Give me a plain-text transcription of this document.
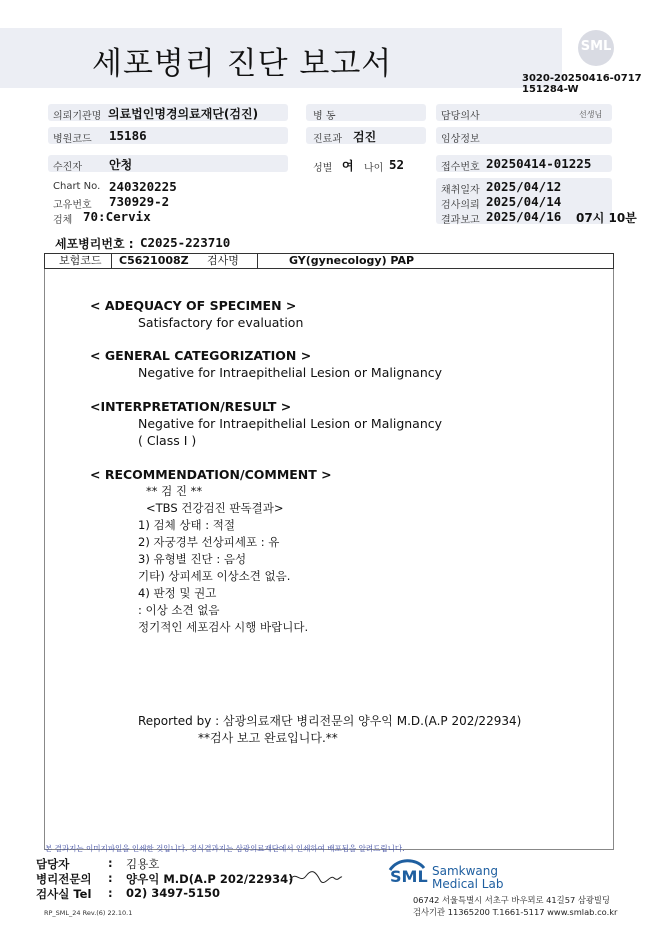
세포병리 진단 보고서	SML
3020-20250416-0717
151284-W
의뢰기관명 의료법인명경의료재단(검진)	병 동	담당의사	선생님
병원코드 15186	진료과 검진	임상정보
수진자 안청	성별 여 나이 52	접수번호 20250414-01225
Chart No. 240320225
고유번호 730929-2
검체 70:Cervix
채취일자 2025/04/12
검사의뢰 2025/04/14
결과보고 2025/04/16 07시 10분
세포병리번호 : C2025-223710
보험코드 C5621008Z 검사명	GY(gynecology) PAP
< ADEQUACY OF SPECIMEN >
Satisfactory for evaluation
< GENERAL CATEGORIZATION >
Negative for Intraepithelial Lesion or Malignancy
<INTERPRETATION/RESULT >
Negative for Intraepithelial Lesion or Malignancy
( Class I )
< RECOMMENDATION/COMMENT >
** 검 진 **
<TBS 건강검진 판독결과>
1) 검체 상태 : 적절
2) 자궁경부 선상피세포 : 유
3) 유형별 진단 : 음성
기타) 상피세포 이상소견 없음.
4) 판정 및 권고
: 이상 소견 없음
정기적인 세포검사 시행 바랍니다.
Reported by : 삼광의료재단 병리전문의 양우익 M.D.(A.P 202/22934)
**검사 보고 완료입니다.**
본 결과지는 이미지파일을 인쇄한 것입니다. 정식결과지는 삼광의료재단에서 인쇄하여 배포됨을 알려드립니다.
담당자	: 김용호
병리전문의 : 양우익 M.D(A.P 202/22934)
검사실 Tel : 02) 3497-5150
RP_SML_24 Rev.(6) 22.10.1
SML Samkwang
Medical Lab
06742 서울특별시 서초구 바우뫼로 41길57 삼광빌딩
검사기관 11365200 T.1661-5117 www.smlab.co.kr
